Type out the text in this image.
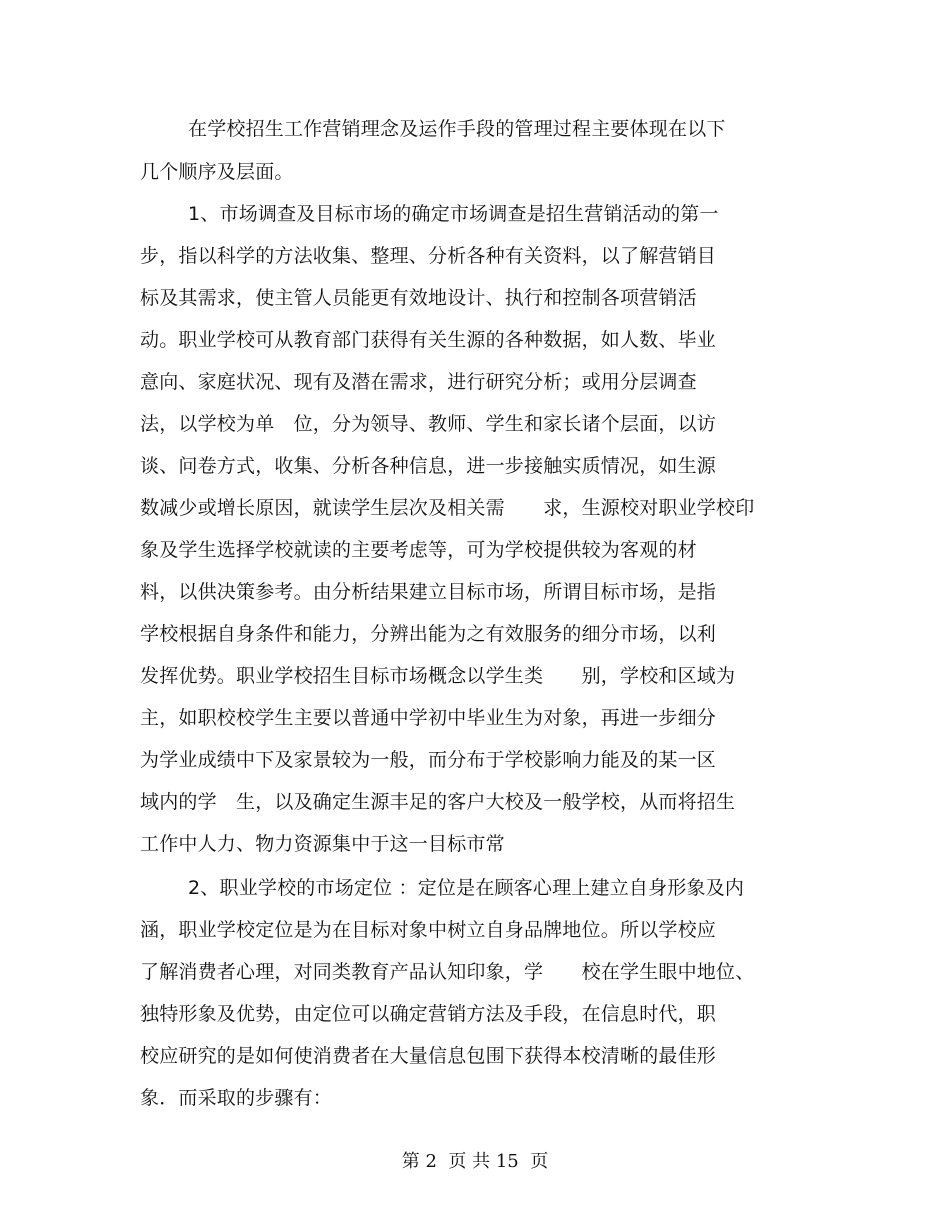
在学校招生工作营销理念及运作手段的管理过程主要体现在以下
几个顺序及层面。
1、市场调查及目标市场的确定市场调查是招生营销活动的第一
步，指以科学的方法收集、整理、分析各种有关资料，以了解营销目
标及其需求，使主管人员能更有效地设计、执行和控制各项营销活
动。职业学校可从教育部门获得有关生源的各种数据，如人数、毕业
意向、家庭状况、现有及潜在需求，进行研究分析；或用分层调查
法，以学校为单　位，分为领导、教师、学生和家长诸个层面，以访
谈、问卷方式，收集、分析各种信息，进一步接触实质情况，如生源
数减少或增长原因，就读学生层次及相关需　　求，生源校对职业学校印
象及学生选择学校就读的主要考虑等，可为学校提供较为客观的材
料，以供决策参考。由分析结果建立目标市场，所谓目标市场，是指
学校根据自身条件和能力，分辨出能为之有效服务的细分市场，以利
发挥优势。职业学校招生目标市场概念以学生类　　别，学校和区域为
主，如职校校学生主要以普通中学初中毕业生为对象，再进一步细分
为学业成绩中下及家景较为一般，而分布于学校影响力能及的某一区
域内的学　生，以及确定生源丰足的客户大校及一般学校，从而将招生
工作中人力、物力资源集中于这一目标市常
2、职业学校的市场定位 ：定位是在顾客心理上建立自身形象及内
涵，职业学校定位是为在目标对象中树立自身品牌地位。所以学校应
了解消费者心理，对同类教育产品认知印象，学　　校在学生眼中地位、
独特形象及优势，由定位可以确定营销方法及手段，在信息时代，职
校应研究的是如何使消费者在大量信息包围下获得本校清晰的最佳形
象．而采取的步骤有：
第 2  页 共 15  页
